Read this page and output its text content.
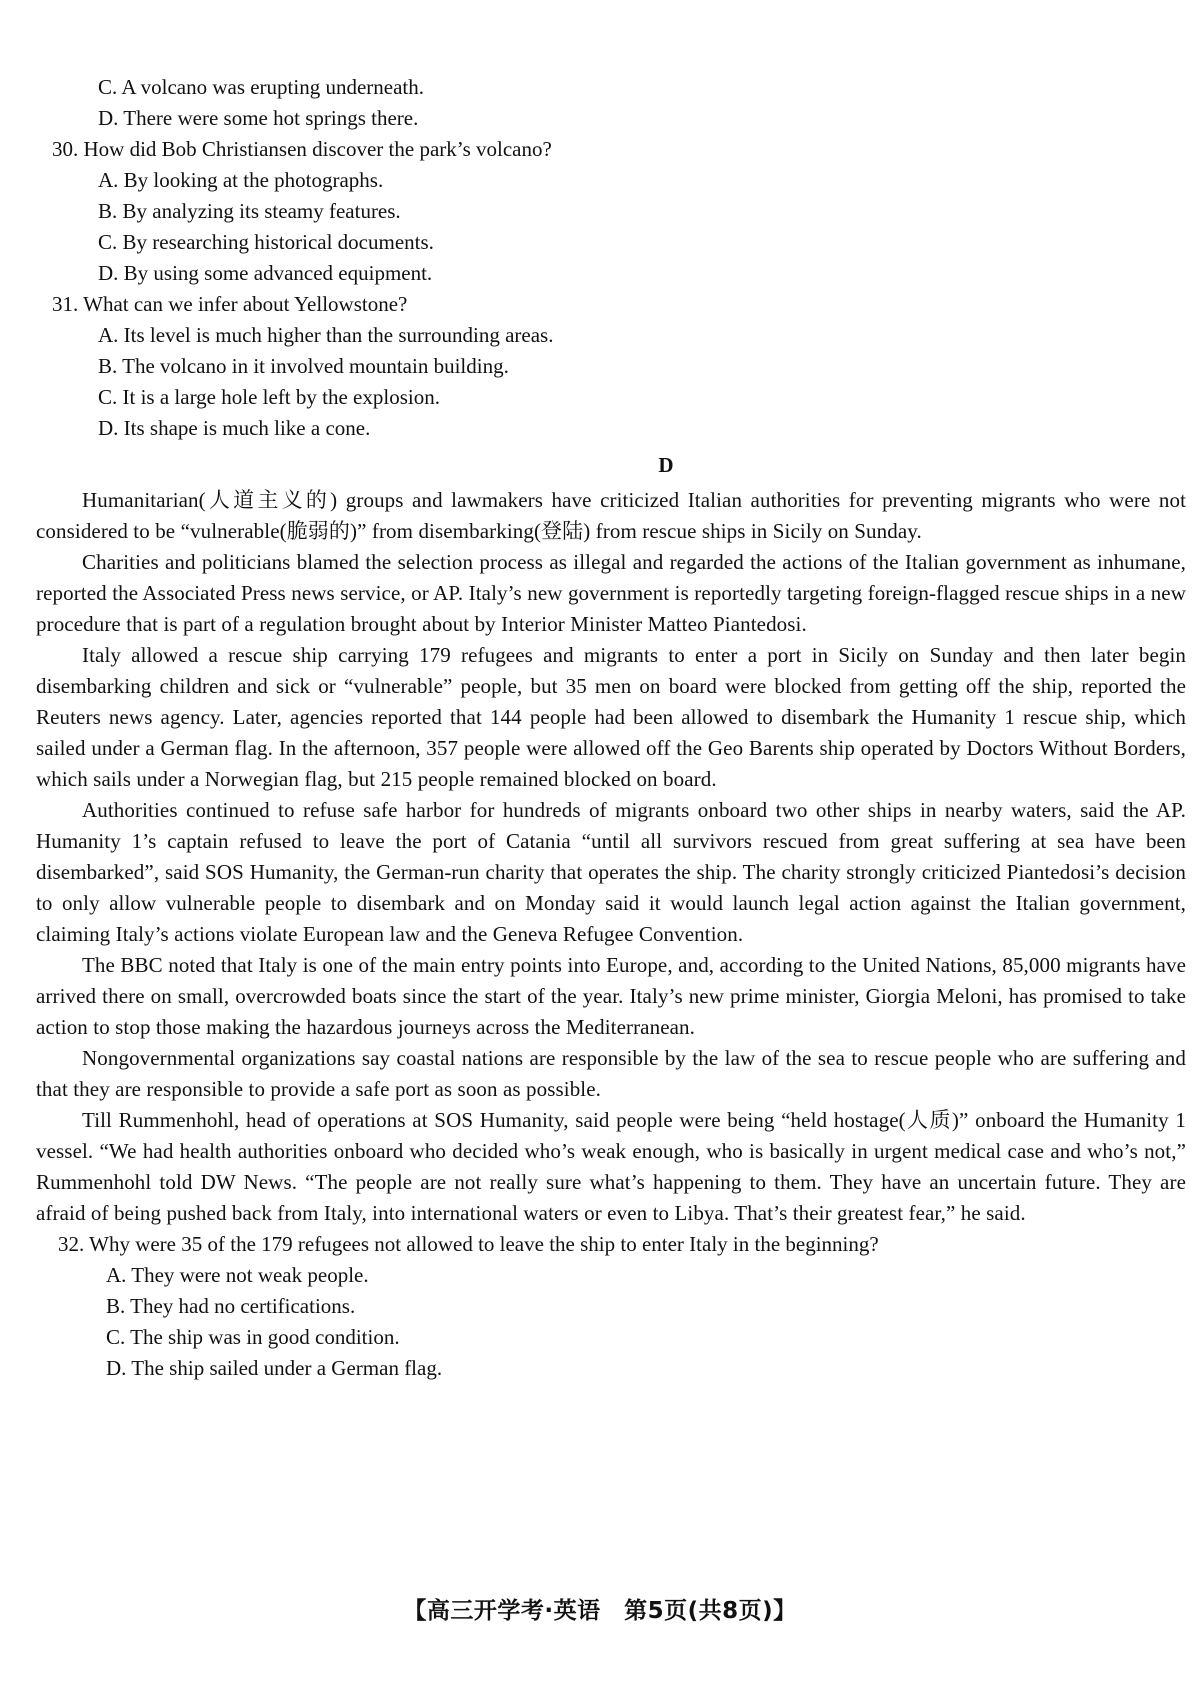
C. A volcano was erupting underneath.
D. There were some hot springs there.
30. How did Bob Christiansen discover the park’s volcano?
A. By looking at the photographs.
B. By analyzing its steamy features.
C. By researching historical documents.
D. By using some advanced equipment.
31. What can we infer about Yellowstone?
A. Its level is much higher than the surrounding areas.
B. The volcano in it involved mountain building.
C. It is a large hole left by the explosion.
D. Its shape is much like a cone.
D

Humanitarian(人道主义的) groups and lawmakers have criticized Italian authorities for preventing migrants who were not considered to be “vulnerable(脆弱的)” from disembarking(登陆) from rescue ships in Sicily on Sunday.

Charities and politicians blamed the selection process as illegal and regarded the actions of the Italian government as inhumane, reported the Associated Press news service, or AP. Italy’s new government is reportedly targeting foreign-flagged rescue ships in a new procedure that is part of a regulation brought about by Interior Minister Matteo Piantedosi.

Italy allowed a rescue ship carrying 179 refugees and migrants to enter a port in Sicily on Sunday and then later begin disembarking children and sick or “vulnerable” people, but 35 men on board were blocked from getting off the ship, reported the Reuters news agency. Later, agencies reported that 144 people had been allowed to disembark the Humanity 1 rescue ship, which sailed under a German flag. In the afternoon, 357 people were allowed off the Geo Barents ship operated by Doctors Without Borders, which sails under a Norwegian flag, but 215 people remained blocked on board.

Authorities continued to refuse safe harbor for hundreds of migrants onboard two other ships in nearby waters, said the AP. Humanity 1’s captain refused to leave the port of Catania “until all survivors rescued from great suffering at sea have been disembarked”, said SOS Humanity, the German-run charity that operates the ship. The charity strongly criticized Piantedosi’s decision to only allow vulnerable people to disembark and on Monday said it would launch legal action against the Italian government, claiming Italy’s actions violate European law and the Geneva Refugee Convention.

The BBC noted that Italy is one of the main entry points into Europe, and, according to the United Nations, 85,000 migrants have arrived there on small, overcrowded boats since the start of the year. Italy’s new prime minister, Giorgia Meloni, has promised to take action to stop those making the hazardous journeys across the Mediterranean.

Nongovernmental organizations say coastal nations are responsible by the law of the sea to rescue people who are suffering and that they are responsible to provide a safe port as soon as possible.

Till Rummenhohl, head of operations at SOS Humanity, said people were being “held hostage(人质)” onboard the Humanity 1 vessel. “We had health authorities onboard who decided who’s weak enough, who is basically in urgent medical case and who’s not,” Rummenhohl told DW News. “The people are not really sure what’s happening to them. They have an uncertain future. They are afraid of being pushed back from Italy, into international waters or even to Libya. That’s their greatest fear,” he said.

32. Why were 35 of the 179 refugees not allowed to leave the ship to enter Italy in the beginning?
A. They were not weak people.
B. They had no certifications.
C. The ship was in good condition.
D. The ship sailed under a German flag.
【高三开学考·英语　第5页(共8页)】
